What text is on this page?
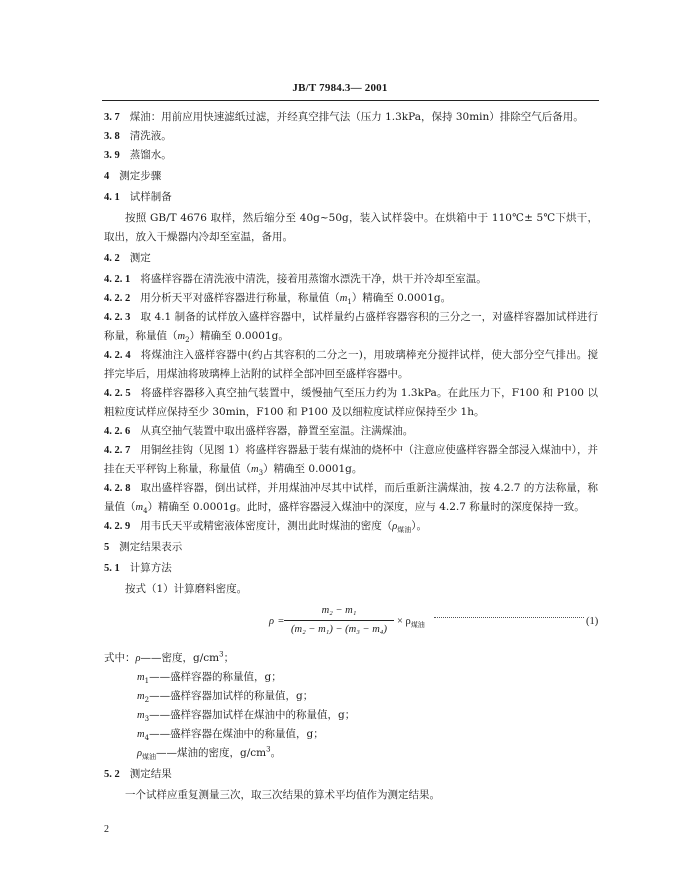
JB/T 7984.3— 2001

3. 7 煤油：用前应用快速滤纸过滤，并经真空排气法（压力 1.3kPa，保持 30min）排除空气后备用。

3. 8 清洗液。

3. 9 蒸馏水。

4 测定步骤

4. 1 试样制备

按照 GB/T 4676 取样，然后缩分至 40g~50g，装入试样袋中。在烘箱中于 110℃± 5℃下烘干，取出，放入干燥器内冷却至室温，备用。

4. 2 测定

4. 2. 1 将盛样容器在清洗液中清洗，接着用蒸馏水漂洗干净，烘干并冷却至室温。

4. 2. 2 用分析天平对盛样容器进行称量，称量值$(m_1)$精确至 0.0001g。

4. 2. 3 取 4.1 制备的试样放入盛样容器中，试样量约占盛样容器容积的三分之一，对盛样容器加试样进行称量，称量值$(m_2)$精确至 0.0001g。

4. 2. 4 将煤油注入盛样容器中(约占其容积的二分之一)，用玻璃棒充分搅拌试样，使大部分空气排出。搅拌完毕后，用煤油将玻璃棒上沾附的试样全部冲回至盛样容器中。

4. 2. 5 将盛样容器移入真空抽气装置中，缓慢抽气至压力约为 1.3kPa。在此压力下，F100 和 P100 以粗粒度试样应保持至少 30min，F100 和 P100 及以细粒度试样应保持至少 1h。

4. 2. 6 从真空抽气装置中取出盛样容器，静置至室温。注满煤油。

4. 2. 7 用铜丝挂钩（见图 1）将盛样容器悬于装有煤油的烧杯中（注意应使盛样容器全部浸入煤油中），并挂在天平秤钩上称量，称量值$(m_3)$精确至 0.0001g。

4. 2. 8 取出盛样容器，倒出试样，并用煤油冲尽其中试样，而后重新注满煤油，按 4.2.7 的方法称量，称量值$(m_4)$精确至 0.0001g。此时，盛样容器浸入煤油中的深度，应与 4.2.7 称量时的深度保持一致。

4. 2. 9 用韦氏天平或精密液体密度计，测出此时煤油的密度$(\rho_{煤油})$。

5 测定结果表示

5. 1 计算方法

按式（1）计算磨料密度。

ρ =
m₂ − m₁
(m₂ − m₁) − (m₃ − m₄)
× $\rho_{煤油}$	(1)

式中：ρ——密度，$g/cm^3$；

$m_1——$盛样容器的称量值，g；

$m_2——$盛样容器加试样的称量值，g；

$m_3——$盛样容器加试样在煤油中的称量值，g；

$m_4——$盛样容器在煤油中的称量值，g；

$\rho_{煤油}——$煤油的密度，$g/cm^3$。

5. 2 测定结果

一个试样应重复测量三次，取三次结果的算术平均值作为测定结果。

2
